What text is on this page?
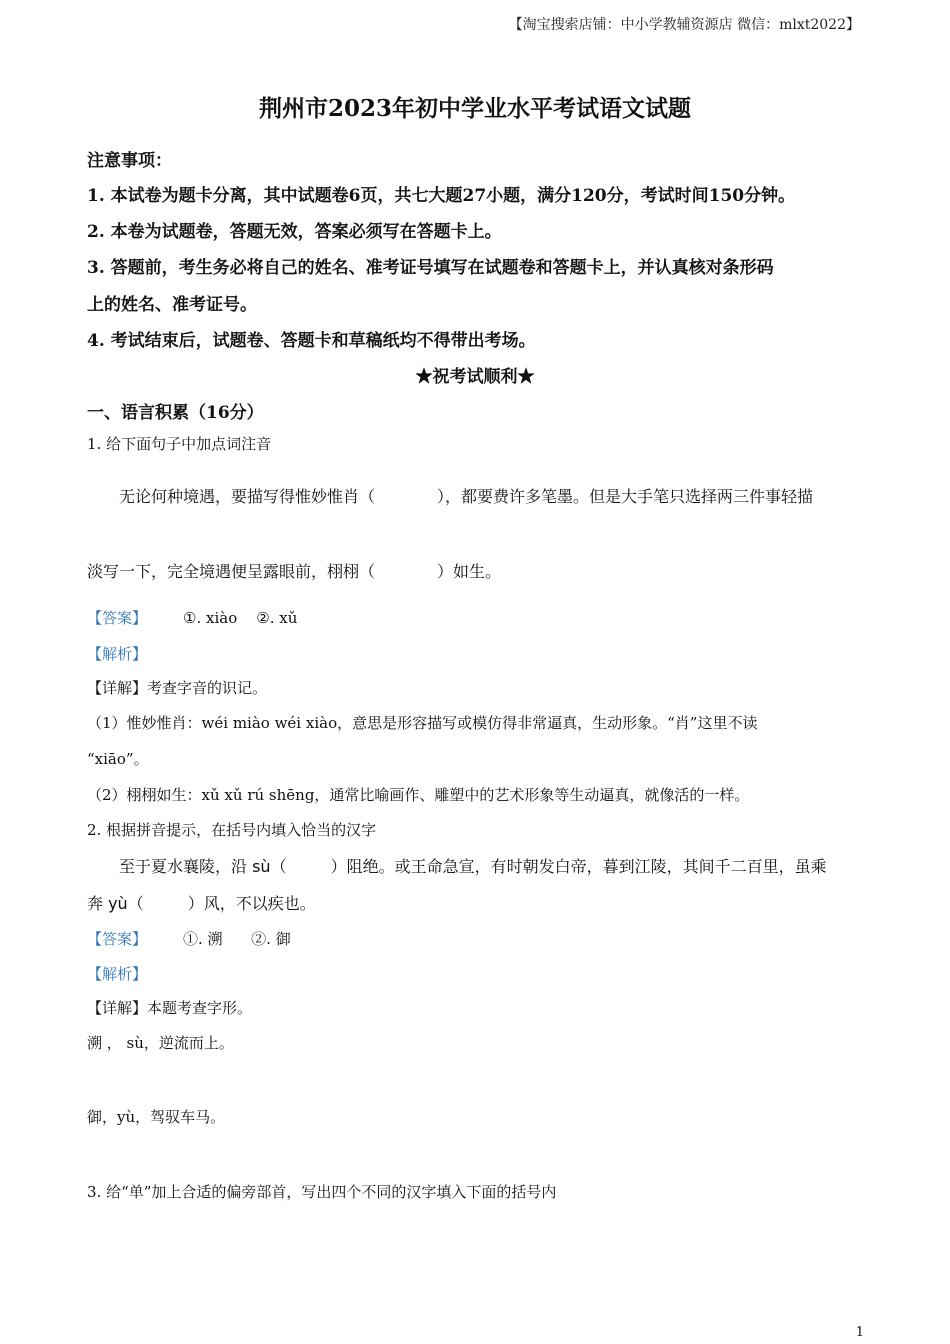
【淘宝搜索店铺：中小学教辅资源店 微信：mlxt2022】
荆州市2023年初中学业水平考试语文试题
注意事项：
1. 本试卷为题卡分离，其中试题卷6页，共七大题27小题，满分120分，考试时间150分钟。
2. 本卷为试题卷，答题无效，答案必须写在答题卡上。
3. 答题前，考生务必将自己的姓名、准考证号填写在试题卷和答题卡上，并认真核对条形码
上的姓名、准考证号。
4. 考试结束后，试题卷、答题卡和草稿纸均不得带出考场。
★祝考试顺利★
一、语言积累（16分）
1. 给下面句子中加点词注音
无论何种境遇，要描写得惟妙惟肖（	），都要费许多笔墨。但是大手笔只选择两三件事轻描
淡写一下，完全境遇便呈露眼前，栩栩（	）如生。
【答案】 ①. xiào    ②. xǔ
【解析】
【详解】考查字音的识记。
（1）惟妙惟肖：wéi miào wéi xiào，意思是形容描写或模仿得非常逼真，生动形象。“肖”这里不读
“xiāo”。
（2）栩栩如生：xǔ xǔ rú shēng，通常比喻画作、雕塑中的艺术形象等生动逼真，就像活的一样。
2. 根据拼音提示，在括号内填入恰当的汉字
至于夏水襄陵，沿 sù（	）阻绝。或王命急宣，有时朝发白帝，暮到江陵，其间千二百里，虽乘
奔 yù（	）风，不以疾也。
【答案】 ①. 溯      ②. 御
【解析】
【详解】本题考查字形。
溯 ， sù，逆流而上。
御，yù，驾驭车马。
3. 给“单”加上合适的偏旁部首，写出四个不同的汉字填入下面的括号内
1
